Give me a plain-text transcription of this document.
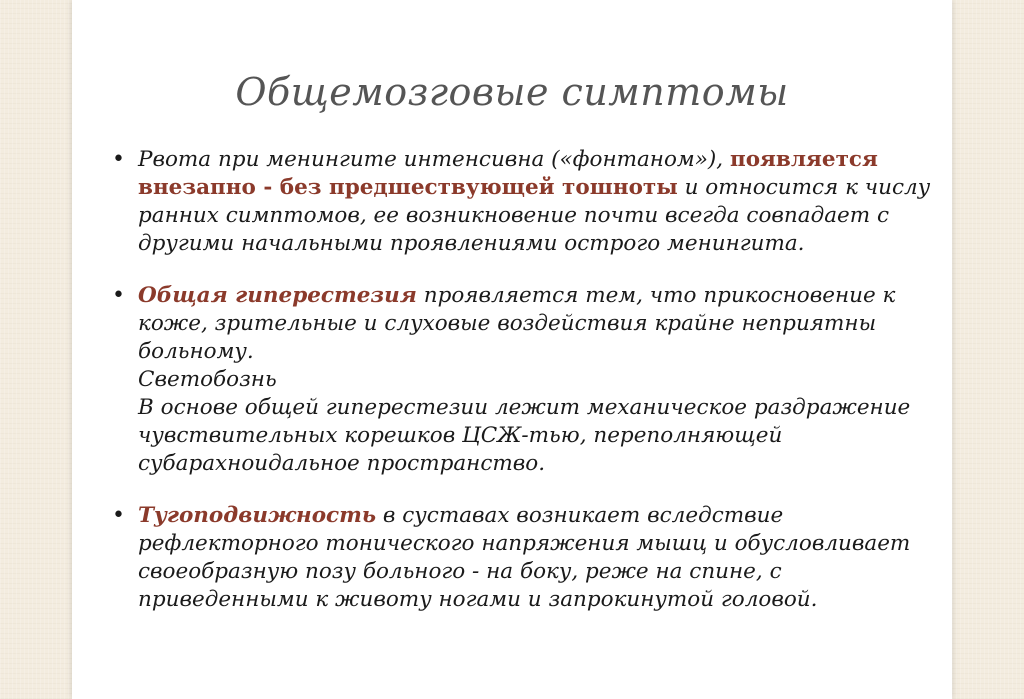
Общемозговые симптомы
• Рвота при менингите интенсивна («фонтаном»), появляется внезапно - без предшествующей тошноты и относится к числу ранних симптомов, ее возникновение почти всегда совпадает с другими начальными проявлениями острого менингита.
• Общая гиперестезия проявляется тем, что прикосновение к коже, зрительные и слуховые воздействия крайне неприятны больному.
Светобознь
В основе общей гиперестезии лежит механическое раздражение чувствительных корешков ЦСЖ-тью, переполняющей субарахноидальное пространство.
• Тугоподвижность в суставах возникает вследствие рефлекторного тонического напряжения мышц и обусловливает своеобразную позу больного - на боку, реже на спине, с приведенными к животу ногами и запрокинутой головой.
